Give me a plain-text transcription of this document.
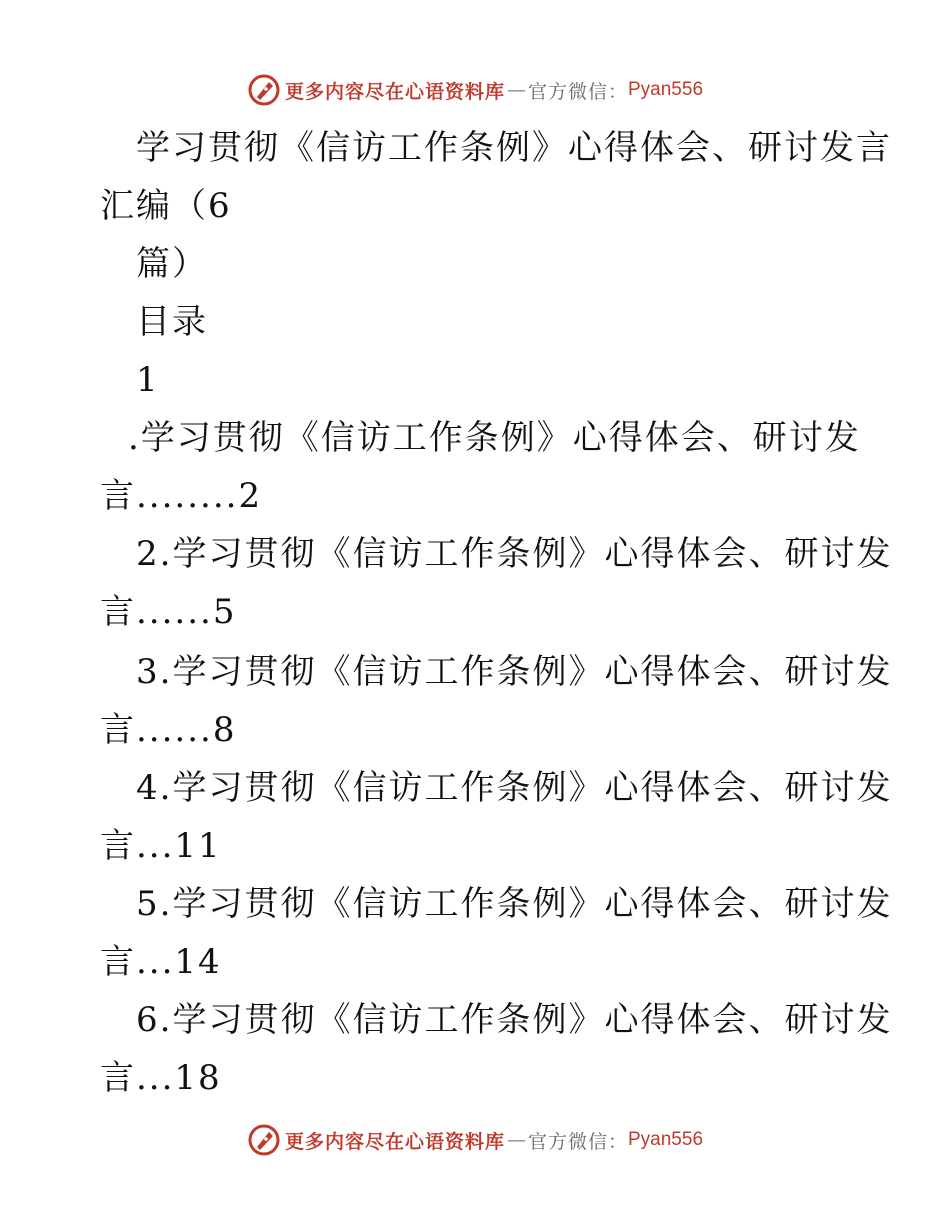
更多内容尽在心语资料库 — 官方微信： Pyan556
学习贯彻《信访工作条例》心得体会、研讨发言
汇编（6
篇）
目录
1
.学习贯彻《信访工作条例》心得体会、研讨发
言........2
2.学习贯彻《信访工作条例》心得体会、研讨发
言......5
3.学习贯彻《信访工作条例》心得体会、研讨发
言......8
4.学习贯彻《信访工作条例》心得体会、研讨发
言...11
5.学习贯彻《信访工作条例》心得体会、研讨发
言...14
6.学习贯彻《信访工作条例》心得体会、研讨发
言...18
更多内容尽在心语资料库 — 官方微信： Pyan556
